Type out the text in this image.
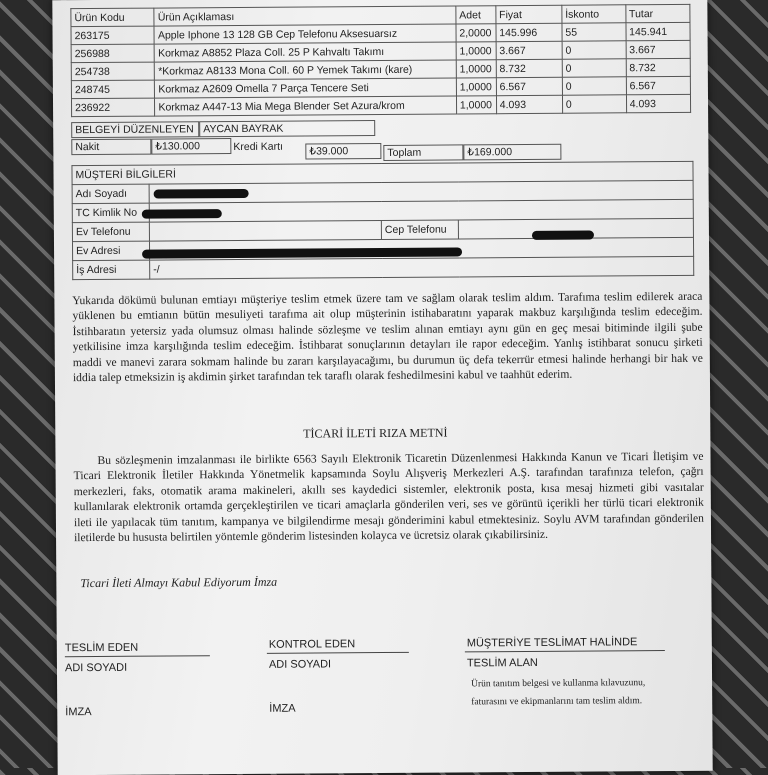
Ürün Kodu	Ürün Açıklaması	Adet	Fiyat	İskonto	Tutar
263175	Apple Iphone 13 128 GB Cep Telefonu Aksesuarsız	2,0000	145.996	55	145.941
256988	Korkmaz A8852 Plaza Coll. 25 P Kahvaltı Takımı	1,0000	3.667	0	3.667
254738	*Korkmaz A8133 Mona Coll. 60 P Yemek Takımı (kare)	1,0000	8.732	0	8.732
248745	Korkmaz A2609 Omella 7 Parça Tencere Seti	1,0000	6.567	0	6.567
236922	Korkmaz A447-13 Mia Mega Blender Set Azura/krom	1,0000	4.093	0	4.093
BELGEYİ DÜZENLEYEN AYCAN BAYRAK
Nakit	₺130.000	Kredi Kartı	₺39.000	Toplam	₺169.000
MÜŞTERİ BİLGİLERİ			
Adı Soyadı			
TC Kimlik No			
Ev Telefonu		Cep Telefonu	
Ev Adresi			
İş Adresi	-/		
Yukarıda dökümü bulunan emtiayı müşteriye teslim etmek üzere tam ve sağlam olarak teslim aldım. Tarafıma teslim edilerek araca yüklenen bu emtianın bütün mesuliyeti tarafıma ait olup müşterinin istihabaratını yaparak makbuz karşılığında teslim edeceğim. İstihbaratın yetersiz yada olumsuz olması halinde sözleşme ve teslim alınan emtiayı aynı gün en geç mesai bitiminde ilgili şube yetkilisine imza karşılığında teslim edeceğim. İstihbarat sonuçlarının detayları ile rapor edeceğim. Yanlış istihbarat sonucu şirketi maddi ve manevi zarara sokmam halinde bu zararı karşılayacağımı, bu durumun üç defa tekerrür etmesi halinde herhangi bir hak ve iddia talep etmeksizin iş akdimin şirket tarafından tek taraflı olarak feshedilmesini kabul ve taahhüt ederim.
TİCARİ İLETİ RIZA METNİ
Bu sözleşmenin imzalanması ile birlikte 6563 Sayılı Elektronik Ticaretin Düzenlenmesi Hakkında Kanun ve Ticari İletişim ve Ticari Elektronik İletiler Hakkında Yönetmelik kapsamında Soylu Alışveriş Merkezleri A.Ş. tarafından tarafınıza telefon, çağrı merkezleri, faks, otomatik arama makineleri, akıllı ses kaydedici sistemler, elektronik posta, kısa mesaj hizmeti gibi vasıtalar kullanılarak elektronik ortamda gerçekleştirilen ve ticari amaçlarla gönderilen veri, ses ve görüntü içerikli her türlü ticari elektronik ileti ile yapılacak tüm tanıtım, kampanya ve bilgilendirme mesajı gönderimini kabul etmektesiniz. Soylu AVM tarafından gönderilen iletilerde bu hususta belirtilen yöntemle gönderim listesinden kolayca ve ücretsiz olarak çıkabilirsiniz.
Ticari İleti Almayı Kabul Ediyorum İmza
TESLİM EDEN
ADI SOYADI
İMZA
KONTROL EDEN
ADI SOYADI
İMZA
MÜŞTERİYE TESLİMAT HALİNDE
TESLİM ALAN
Ürün tanıtım belgesi ve kullanma kılavuzunu,
faturasını ve ekipmanlarını tam teslim aldım.
